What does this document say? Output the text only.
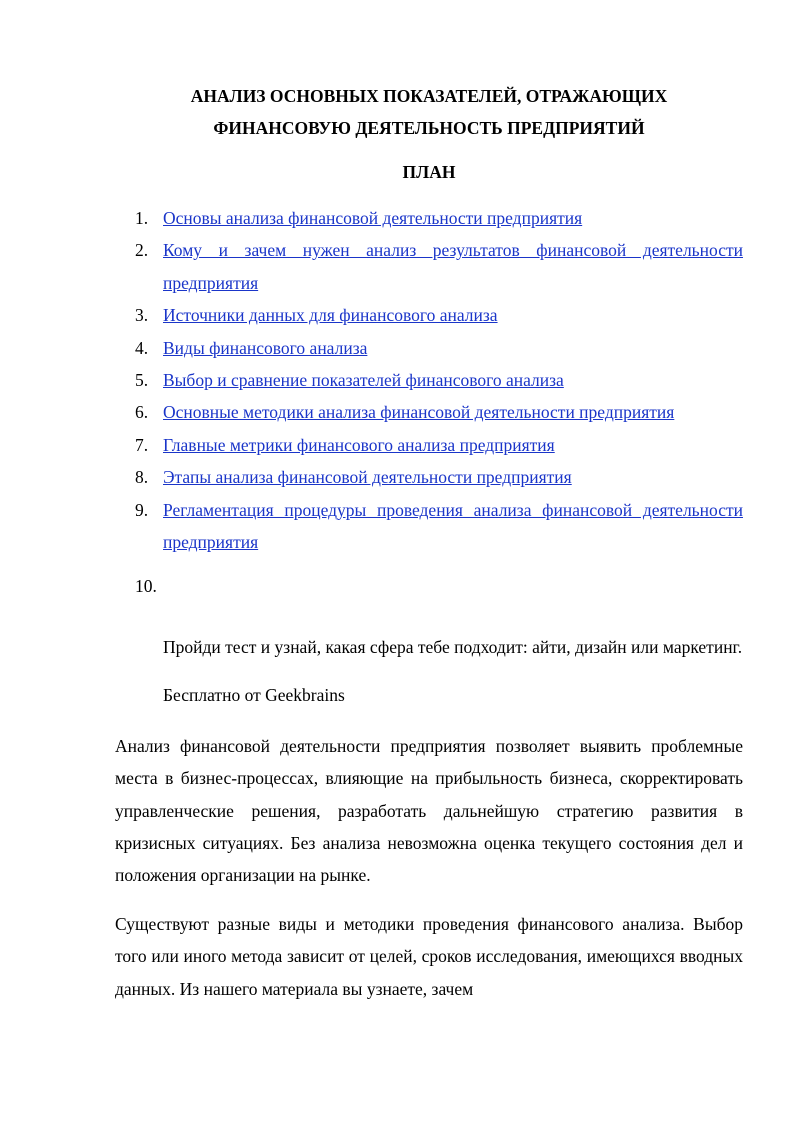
АНАЛИЗ ОСНОВНЫХ ПОКАЗАТЕЛЕЙ, ОТРАЖАЮЩИХ
ФИНАНСОВУЮ ДЕЯТЕЛЬНОСТЬ ПРЕДПРИЯТИЙ
ПЛАН
1. Основы анализа финансовой деятельности предприятия
2. Кому и зачем нужен анализ результатов финансовой деятельности предприятия
3. Источники данных для финансового анализа
4. Виды финансового анализа
5. Выбор и сравнение показателей финансового анализа
6. Основные методики анализа финансовой деятельности предприятия
7. Главные метрики финансового анализа предприятия
8. Этапы анализа финансовой деятельности предприятия
9. Регламентация процедуры проведения анализа финансовой деятельности предприятия
10.

Пройди тест и узнай, какая сфера тебе подходит: айти, дизайн или маркетинг.
Бесплатно от Geekbrains

Анализ финансовой деятельности предприятия позволяет выявить проблемные места в бизнес-процессах, влияющие на прибыльность бизнеса, скорректировать управленческие решения, разработать дальнейшую стратегию развития в кризисных ситуациях. Без анализа невозможна оценка текущего состояния дел и положения организации на рынке.

Существуют разные виды и методики проведения финансового анализа. Выбор того или иного метода зависит от целей, сроков исследования, имеющихся вводных данных. Из нашего материала вы узнаете, зачем
